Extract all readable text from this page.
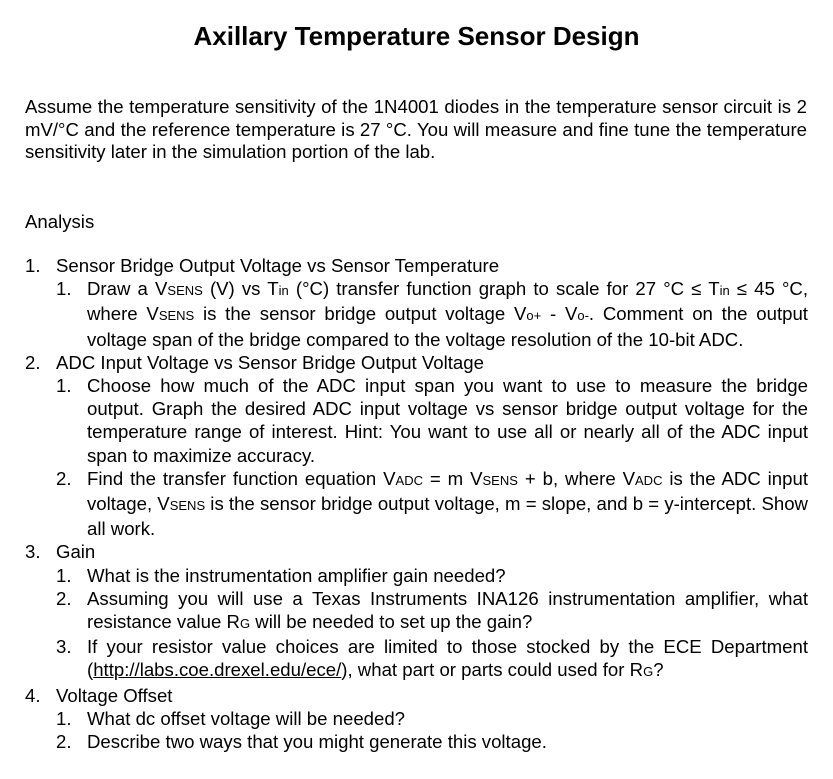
Axillary Temperature Sensor Design

Assume the temperature sensitivity of the 1N4001 diodes in the temperature sensor circuit is 2 mV/°C and the reference temperature is 27 °C. You will measure and fine tune the temperature sensitivity later in the simulation portion of the lab.

Analysis

1. Sensor Bridge Output Voltage vs Sensor Temperature
1. Draw a VSENS (V) vs Tin (°C) transfer function graph to scale for 27 °C ≤ Tin ≤ 45 °C, where VSENS is the sensor bridge output voltage Vo+ - Vo-. Comment on the output voltage span of the bridge compared to the voltage resolution of the 10-bit ADC.
2. ADC Input Voltage vs Sensor Bridge Output Voltage
1. Choose how much of the ADC input span you want to use to measure the bridge output. Graph the desired ADC input voltage vs sensor bridge output voltage for the temperature range of interest. Hint: You want to use all or nearly all of the ADC input span to maximize accuracy.
2. Find the transfer function equation VADC = m VSENS + b, where VADC is the ADC input voltage, VSENS is the sensor bridge output voltage, m = slope, and b = y-intercept. Show all work.
3. Gain
1. What is the instrumentation amplifier gain needed?
2. Assuming you will use a Texas Instruments INA126 instrumentation amplifier, what resistance value RG will be needed to set up the gain?
3. If your resistor value choices are limited to those stocked by the ECE Department (http://labs.coe.drexel.edu/ece/), what part or parts could used for RG?
4. Voltage Offset
1. What dc offset voltage will be needed?
2. Describe two ways that you might generate this voltage.
